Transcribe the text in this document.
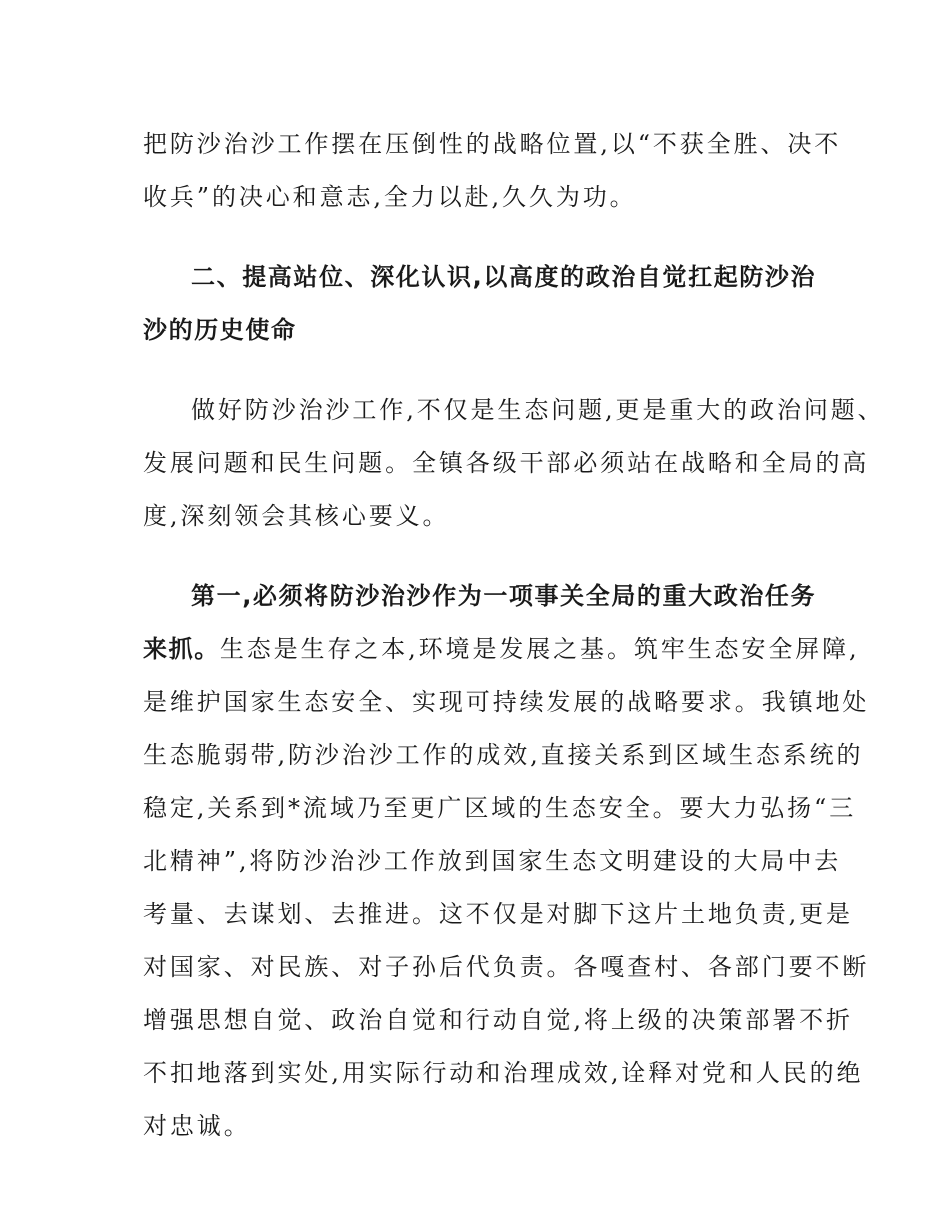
把防沙治沙工作摆在压倒性的战略位置,以“不获全胜、决不
收兵”的决心和意志,全力以赴,久久为功。
二、提高站位、深化认识,以高度的政治自觉扛起防沙治
沙的历史使命
做好防沙治沙工作,不仅是生态问题,更是重大的政治问题、
发展问题和民生问题。全镇各级干部必须站在战略和全局的高
度,深刻领会其核心要义。
第一,必须将防沙治沙作为一项事关全局的重大政治任务
来抓。生态是生存之本,环境是发展之基。筑牢生态安全屏障,
是维护国家生态安全、实现可持续发展的战略要求。我镇地处
生态脆弱带,防沙治沙工作的成效,直接关系到区域生态系统的
稳定,关系到*流域乃至更广区域的生态安全。要大力弘扬“三
北精神”,将防沙治沙工作放到国家生态文明建设的大局中去
考量、去谋划、去推进。这不仅是对脚下这片土地负责,更是
对国家、对民族、对子孙后代负责。各嘎查村、各部门要不断
增强思想自觉、政治自觉和行动自觉,将上级的决策部署不折
不扣地落到实处,用实际行动和治理成效,诠释对党和人民的绝
对忠诚。
